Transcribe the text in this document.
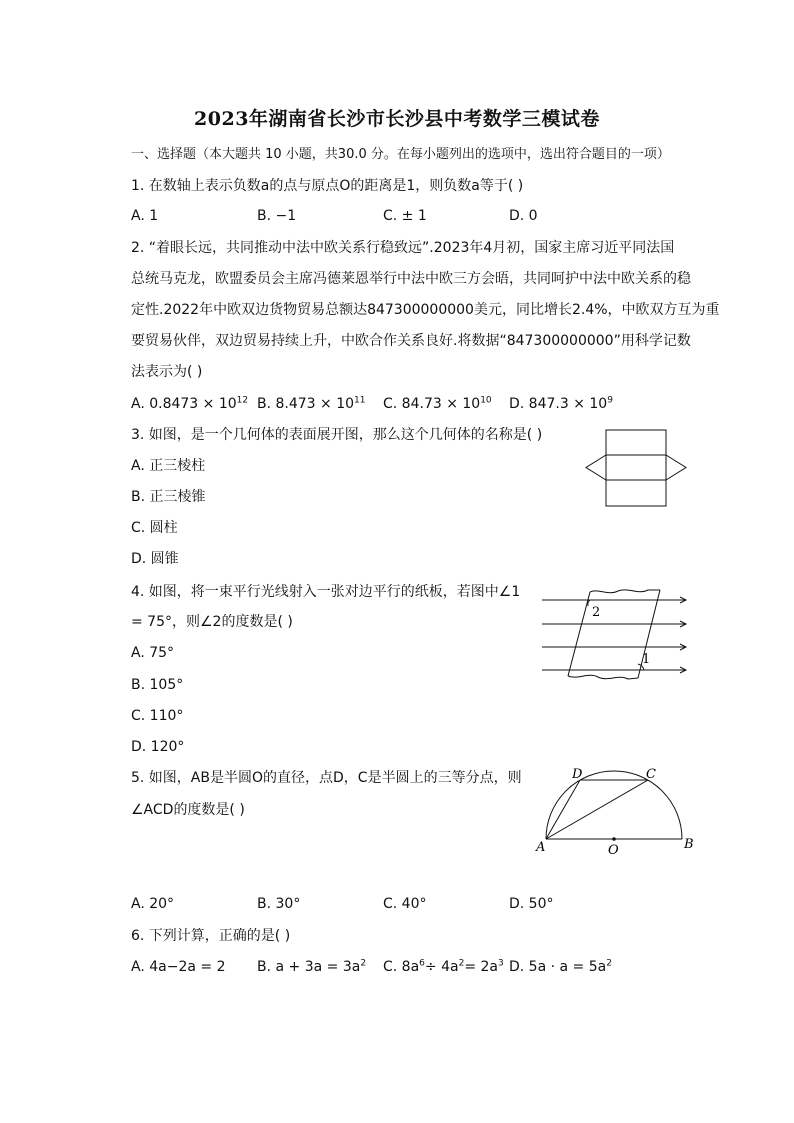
2023年湖南省长沙市长沙县中考数学三模试卷
一、选择题（本大题共 10 小题，共30.0 分。在每小题列出的选项中，选出符合题目的一项）
1. 在数轴上表示负数a的点与原点O的距离是1，则负数a等于( )
A. 1	B. −1	C. ± 1	D. 0
2. “着眼长远，共同推动中法中欧关系行稳致远”.2023年4月初，国家主席习近平同法国
总统马克龙，欧盟委员会主席冯德莱恩举行中法中欧三方会晤，共同呵护中法中欧关系的稳
定性.2022年中欧双边货物贸易总额达847300000000美元，同比增长2.4%，中欧双方互为重
要贸易伙伴，双边贸易持续上升，中欧合作关系良好.将数据“847300000000”用科学记数
法表示为( )
A. $0.8473 \times 10^{12}$ B. $8.473 \times 10^{11}$ C. $84.73 \times 10^{10}$ D. $847.3 \times 10^9$
3. 如图，是一个几何体的表面展开图，那么这个几何体的名称是( )
A. 正三棱柱
B. 正三棱锥
C. 圆柱
D. 圆锥
4. 如图，将一束平行光线射入一张对边平行的纸板，若图中∠1
= 75°，则∠2的度数是( )
A. 75°
B. 105°
C. 110°
D. 120°
2
1
5. 如图，AB是半圆O的直径，点D，C是半圆上的三等分点，则
∠ACD的度数是( )
A	B
C
D
O
A. 20°	B. 30°	C. 40°	D. 50°
6. 下列计算，正确的是( )
A. 4a−2a = 2 B. $a + 3a = 3a^2$ C. $8a^6\div 4a^2= 2a^3$ D. $5a \cdot a = 5a^2$
